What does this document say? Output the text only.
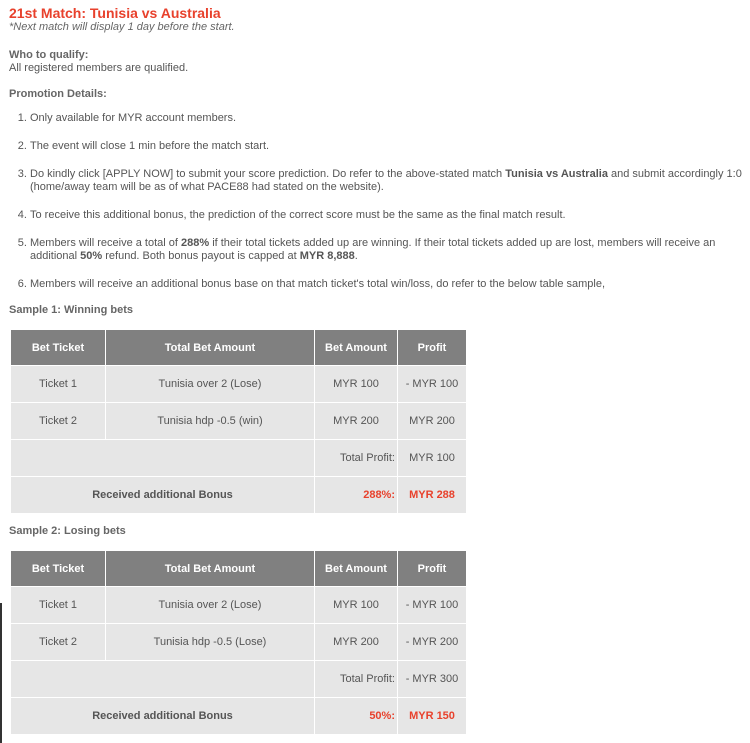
21st Match: Tunisia vs Australia

*Next match will display 1 day before the start.

Who to qualify:

All registered members are qualified.

Promotion Details:

1. Only available for MYR account members.
2. The event will close 1 min before the match start.
3. Do kindly click [APPLY NOW] to submit your score prediction. Do refer to the above-stated match Tunisia vs Australia and submit accordingly 1:0 (home/away team will be as of what PACE88 had stated on the website).
4. To receive this additional bonus, the prediction of the correct score must be the same as the final match result.
5. Members will receive a total of 288% if their total tickets added up are winning. If their total tickets added up are lost, members will receive an additional 50% refund. Both bonus payout is capped at MYR 8,888.
6. Members will receive an additional bonus base on that match ticket's total win/loss, do refer to the below table sample,

Sample 1: Winning bets

Bet Ticket	Total Bet Amount	Bet Amount	Profit
Ticket 1	Tunisia over 2 (Lose)	MYR 100	- MYR 100
Ticket 2	Tunisia hdp -0.5 (win)	MYR 200	MYR 200
		Total Profit:	MYR 100
Received additional Bonus		288%:	MYR 288

Sample 2: Losing bets

Bet Ticket	Total Bet Amount	Bet Amount	Profit
Ticket 1	Tunisia over 2 (Lose)	MYR 100	- MYR 100
Ticket 2	Tunisia hdp -0.5 (Lose)	MYR 200	- MYR 200
		Total Profit:	- MYR 300
Received additional Bonus		50%:	MYR 150
